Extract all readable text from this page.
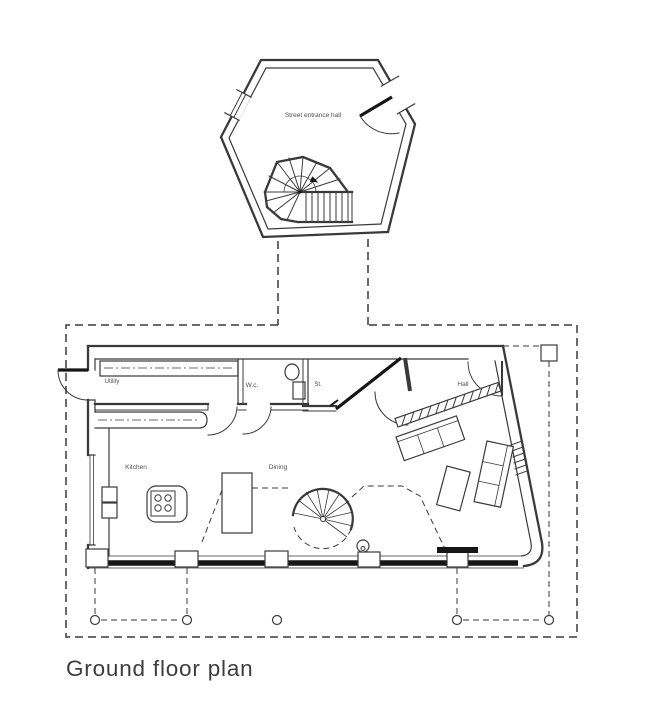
Street entrance hall
Utility	W.c.	St.	Hall
Kitchen	Dining
Ground floor plan
